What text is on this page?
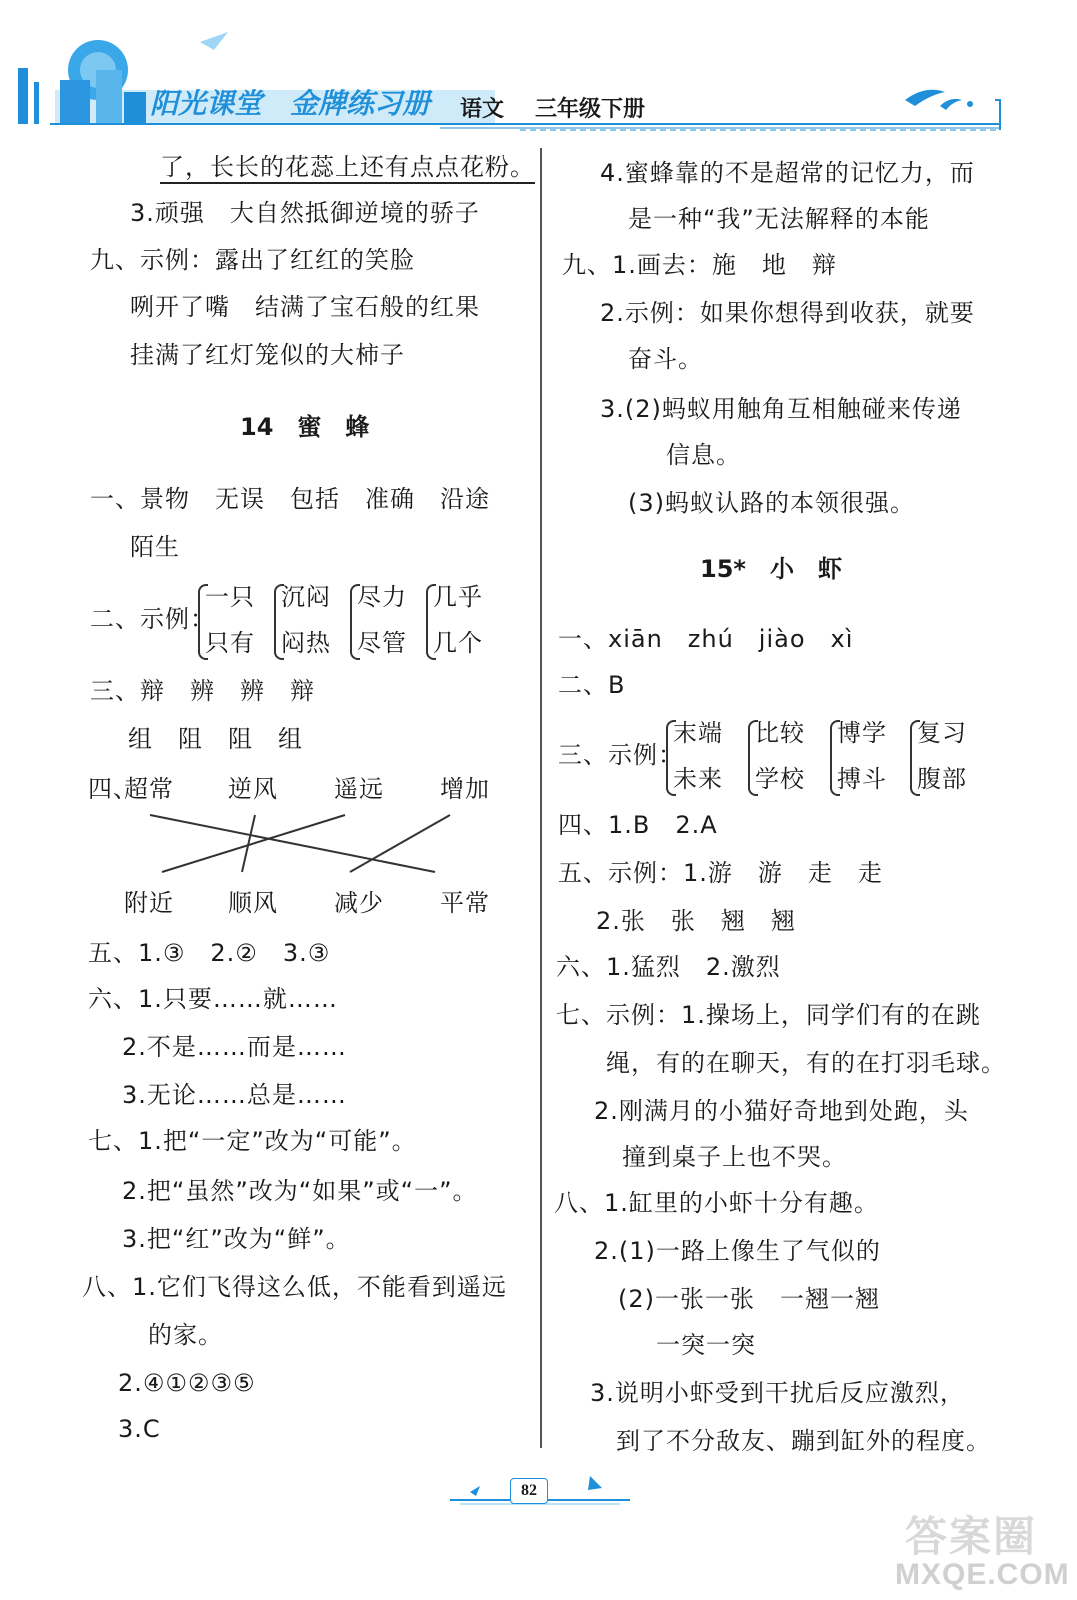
阳光课堂 金牌练习册 语文 三年级下册
了，长长的花蕊上还有点点花粉。
3.顽强　大自然抵御逆境的骄子
九、示例：露出了红红的笑脸
咧开了嘴　结满了宝石般的红果
挂满了红灯笼似的大柿子
14　蜜　蜂
一、景物　无误　包括　准确　沿途
陌生
二、示例：
一只
只有
沉闷
闷热
尽力
尽管
几乎
几个
三、辩　辨　辨　辩
组　阻　阻　组
四、
超常 逆风 遥远 增加
附近 顺风 减少 平常
五、1.③　2.②　3.③
六、1.只要……就……
2.不是……而是……
3.无论……总是……
七、1.把“一定”改为“可能”。
2.把“虽然”改为“如果”或“一”。
3.把“红”改为“鲜”。
八、1.它们飞得这么低，不能看到遥远
的家。
2.④①②③⑤
3.C
4.蜜蜂靠的不是超常的记忆力，而
是一种“我”无法解释的本能
九、1.画去：施　地　辩
2.示例：如果你想得到收获，就要
奋斗。
3.(2)蚂蚁用触角互相触碰来传递
信息。
(3)蚂蚁认路的本领很强。
15*　小　虾
一、xiān　zhú　jiào　xì
二、B
三、示例：
末端
未来
比较
学校
博学
搏斗
复习
腹部
四、1.B　2.A
五、示例：1.游　游　走　走
2.张　张　翘　翘
六、1.猛烈　2.激烈
七、示例：1.操场上，同学们有的在跳
绳，有的在聊天，有的在打羽毛球。
2.刚满月的小猫好奇地到处跑，头
撞到桌子上也不哭。
八、1.缸里的小虾十分有趣。
2.(1)一路上像生了气似的
(2)一张一张　一翘一翘
一突一突
3.说明小虾受到干扰后反应激烈，
到了不分敌友、蹦到缸外的程度。
82
答案圈
MXQE.COM
